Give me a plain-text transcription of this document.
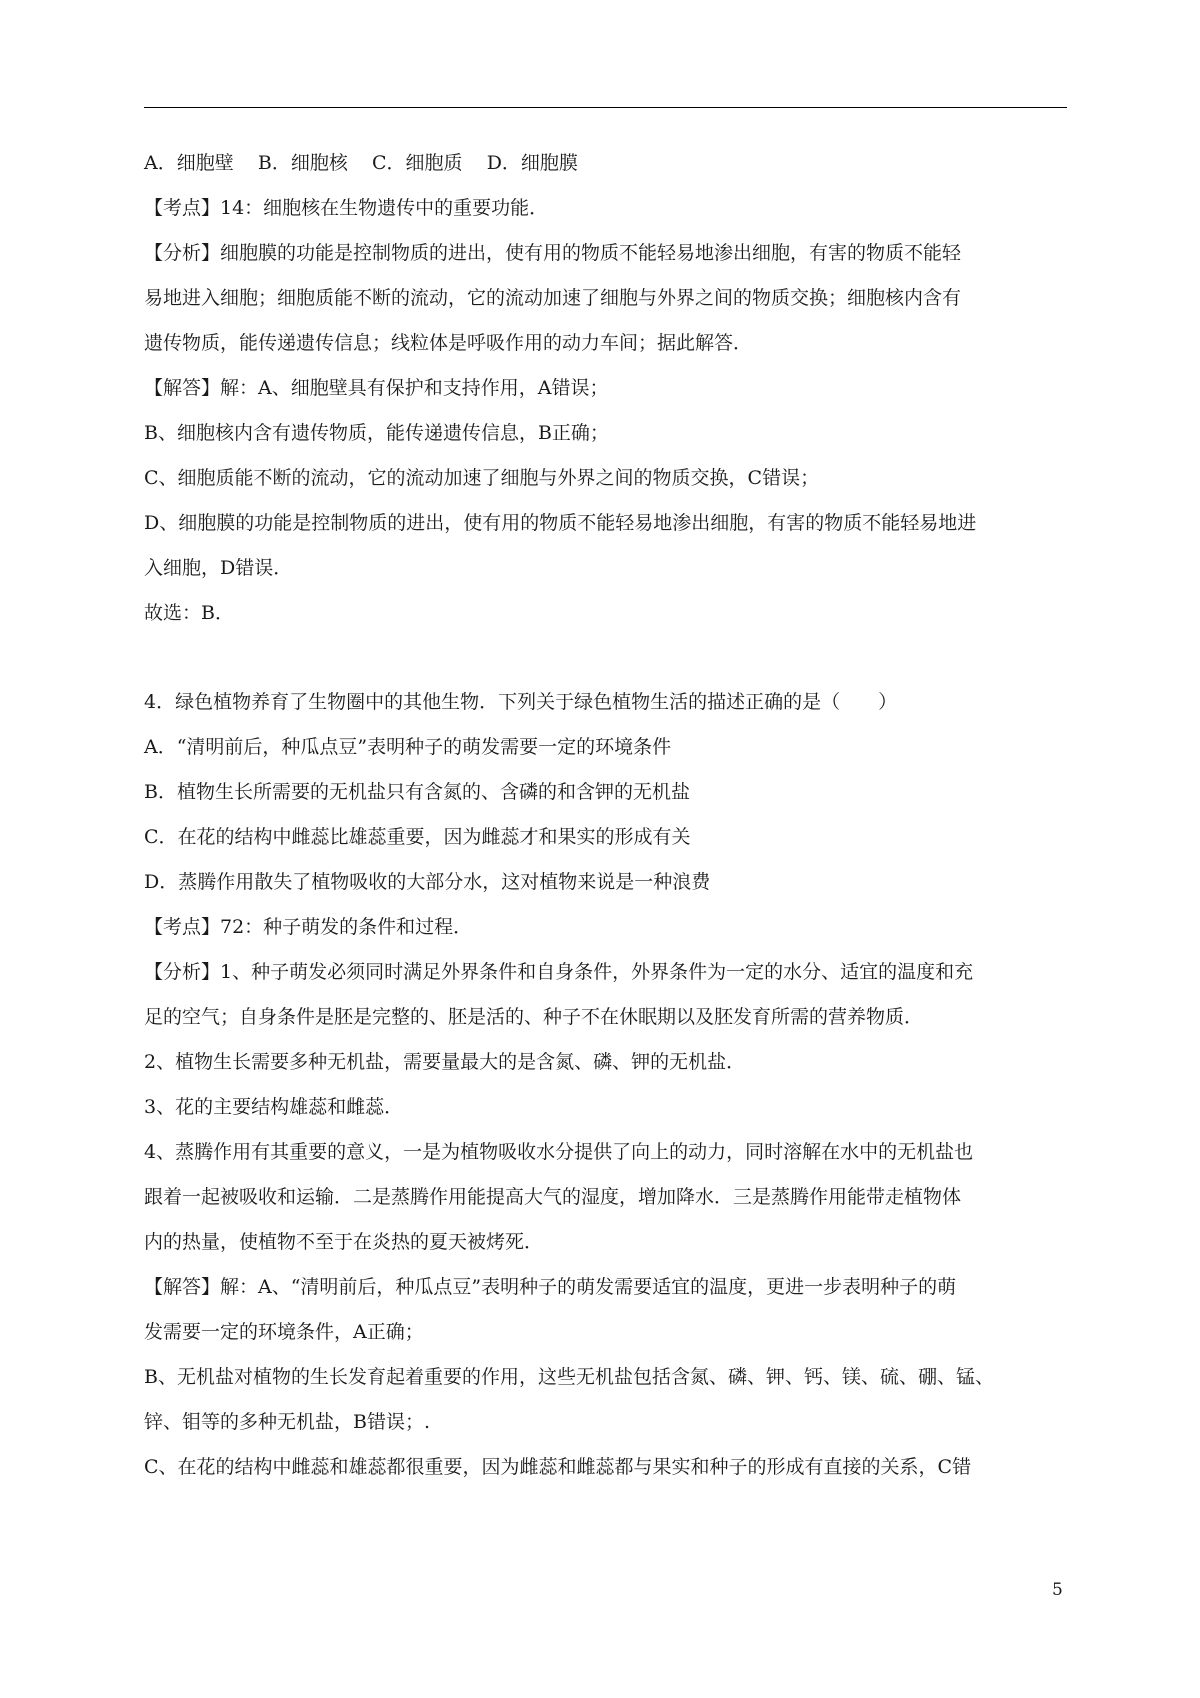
A．细胞壁    B．细胞核    C．细胞质    D．细胞膜
【考点】14：细胞核在生物遗传中的重要功能．
【分析】细胞膜的功能是控制物质的进出，使有用的物质不能轻易地渗出细胞，有害的物质不能轻
易地进入细胞；细胞质能不断的流动，它的流动加速了细胞与外界之间的物质交换；细胞核内含有
遗传物质，能传递遗传信息；线粒体是呼吸作用的动力车间；据此解答．
【解答】解：A、细胞壁具有保护和支持作用，A错误；
B、细胞核内含有遗传物质，能传递遗传信息，B正确；
C、细胞质能不断的流动，它的流动加速了细胞与外界之间的物质交换，C错误；
D、细胞膜的功能是控制物质的进出，使有用的物质不能轻易地渗出细胞，有害的物质不能轻易地进
入细胞，D错误．
故选：B．
4．绿色植物养育了生物圈中的其他生物．下列关于绿色植物生活的描述正确的是（　　）
A．“清明前后，种瓜点豆”表明种子的萌发需要一定的环境条件
B．植物生长所需要的无机盐只有含氮的、含磷的和含钾的无机盐
C．在花的结构中雌蕊比雄蕊重要，因为雌蕊才和果实的形成有关
D．蒸腾作用散失了植物吸收的大部分水，这对植物来说是一种浪费
【考点】72：种子萌发的条件和过程．
【分析】1、种子萌发必须同时满足外界条件和自身条件，外界条件为一定的水分、适宜的温度和充
足的空气；自身条件是胚是完整的、胚是活的、种子不在休眠期以及胚发育所需的营养物质．
2、植物生长需要多种无机盐，需要量最大的是含氮、磷、钾的无机盐．
3、花的主要结构雄蕊和雌蕊．
4、蒸腾作用有其重要的意义，一是为植物吸收水分提供了向上的动力，同时溶解在水中的无机盐也
跟着一起被吸收和运输．二是蒸腾作用能提高大气的湿度，增加降水．三是蒸腾作用能带走植物体
内的热量，使植物不至于在炎热的夏天被烤死．
【解答】解：A、“清明前后，种瓜点豆”表明种子的萌发需要适宜的温度，更进一步表明种子的萌
发需要一定的环境条件，A正确；
B、无机盐对植物的生长发育起着重要的作用，这些无机盐包括含氮、磷、钾、钙、镁、硫、硼、锰、
锌、钼等的多种无机盐，B错误；.
C、在花的结构中雌蕊和雄蕊都很重要，因为雌蕊和雌蕊都与果实和种子的形成有直接的关系，C错
5
